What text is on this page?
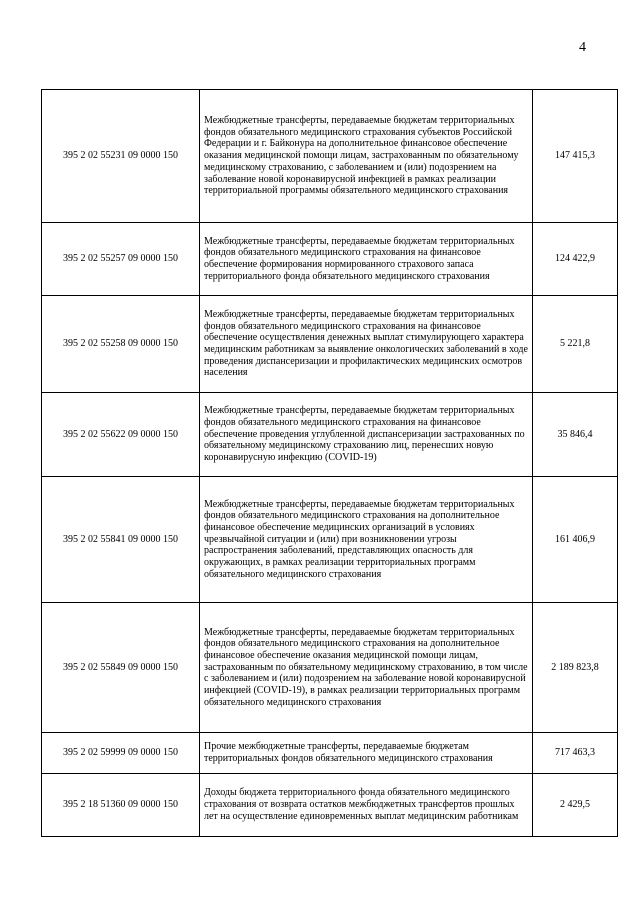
4
395 2 02 55231 09 0000 150	Межбюджетные трансферты, передаваемые бюджетам территориальных фондов обязательного медицинского страхования субъектов Российской Федерации и г. Байконура на дополнительное финансовое обеспечение оказания медицинской помощи лицам, застрахованным по обязательному медицинскому страхованию, с заболеванием и (или) подозрением на заболевание новой коронавирусной инфекцией в рамках реализации территориальной программы обязательного медицинского страхования	147 415,3
395 2 02 55257 09 0000 150	Межбюджетные трансферты, передаваемые бюджетам территориальных фондов обязательного медицинского страхования на финансовое обеспечение формирования нормированного страхового запаса территориального фонда обязательного медицинского страхования	124 422,9
395 2 02 55258 09 0000 150	Межбюджетные трансферты, передаваемые бюджетам территориальных фондов обязательного медицинского страхования на финансовое обеспечение осуществления денежных выплат стимулирующего характера медицинским работникам за выявление онкологических заболеваний в ходе проведения диспансеризации и профилактических медицинских осмотров населения	5 221,8
395 2 02 55622 09 0000 150	Межбюджетные трансферты, передаваемые бюджетам территориальных фондов обязательного медицинского страхования на финансовое обеспечение проведения углубленной диспансеризации застрахованных по обязательному медицинскому страхованию лиц, перенесших новую коронавирусную инфекцию (COVID-19)	35 846,4
395 2 02 55841 09 0000 150	Межбюджетные трансферты, передаваемые бюджетам территориальных фондов обязательного медицинского страхования на дополнительное финансовое обеспечение медицинских организаций в условиях чрезвычайной ситуации и (или) при возникновении угрозы распространения заболеваний, представляющих опасность для окружающих, в рамках реализации территориальных программ обязательного медицинского страхования	161 406,9
395 2 02 55849 09 0000 150	Межбюджетные трансферты, передаваемые бюджетам территориальных фондов обязательного медицинского страхования на дополнительное финансовое обеспечение оказания медицинской помощи лицам, застрахованным по обязательному медицинскому страхованию, в том числе с заболеванием и (или) подозрением на заболевание новой коронавирусной инфекцией (COVID-19), в рамках реализации территориальных программ обязательного медицинского страхования	2 189 823,8
395 2 02 59999 09 0000 150	Прочие межбюджетные трансферты, передаваемые бюджетам территориальных фондов обязательного медицинского страхования	717 463,3
395 2 18 51360 09 0000 150	Доходы бюджета территориального фонда обязательного медицинского страхования от возврата остатков межбюджетных трансфертов прошлых лет на осуществление единовременных выплат медицинским работникам	2 429,5
